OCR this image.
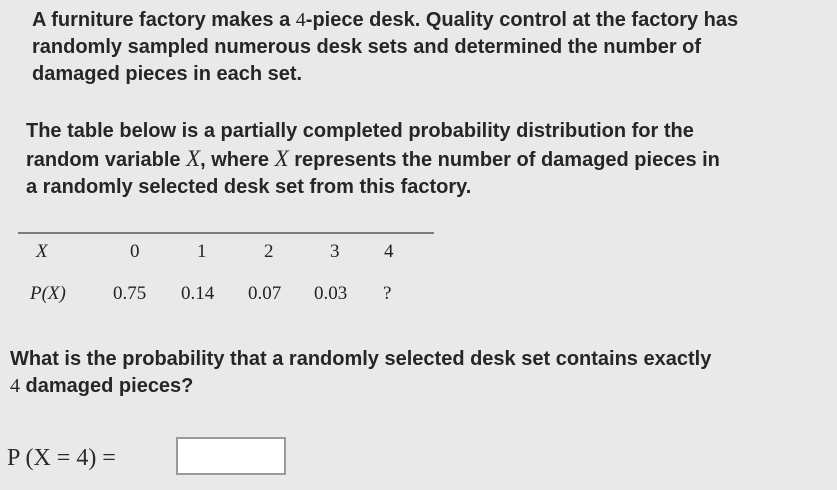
A furniture factory makes a 4-piece desk. Quality control at the factory has

randomly sampled numerous desk sets and determined the number of

damaged pieces in each set.

The table below is a partially completed probability distribution for the

random variable X, where X represents the number of damaged pieces in

a randomly selected desk set from this factory.

X	0	1	2	3 4
P(X) 0.75 0.14 0.07 0.03 ?

What is the probability that a randomly selected desk set contains exactly

4 damaged pieces?

P (X = 4) =
